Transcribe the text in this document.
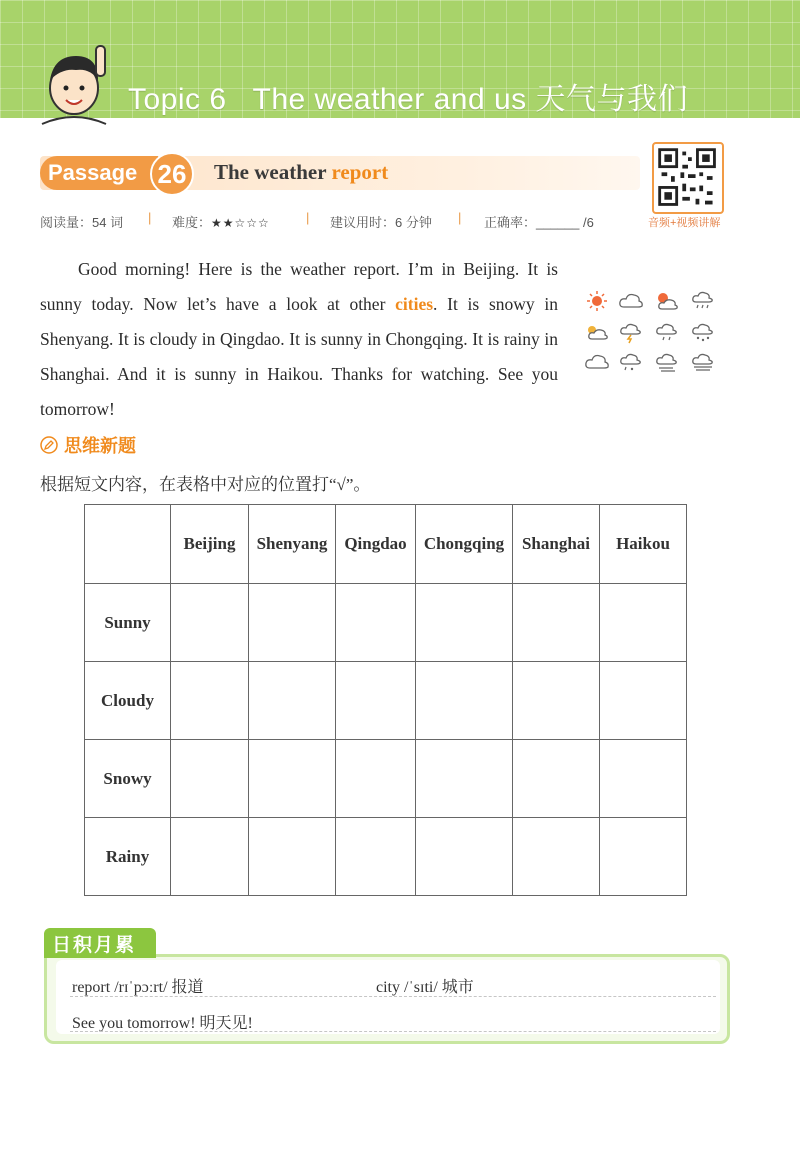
Topic 6   The weather and us 天气与我们
Passage 26	The weather report
音频+视频讲解
阅读量：54 词 | 难度：★★☆☆☆	| 建议用时：6 分钟 | 正确率：______ /6
Good morning! Here is the weather report. I’m in Beijing. It is sunny today. Now let’s have a look at other cities. It is snowy in Shenyang. It is cloudy in Qingdao. It is sunny in Chongqing. It is rainy in Shanghai. And it is sunny in Haikou. Thanks for watching. See you tomorrow!
思维新题
根据短文内容，在表格中对应的位置打“√”。
	Beijing	Shenyang	Qingdao	Chongqing	Shanghai	Haikou
Sunny						
Cloudy						
Snowy						
Rainy						
日积月累
report /rɪˈpɔːrt/ 报道	city /ˈsɪti/ 城市
See you tomorrow! 明天见!
